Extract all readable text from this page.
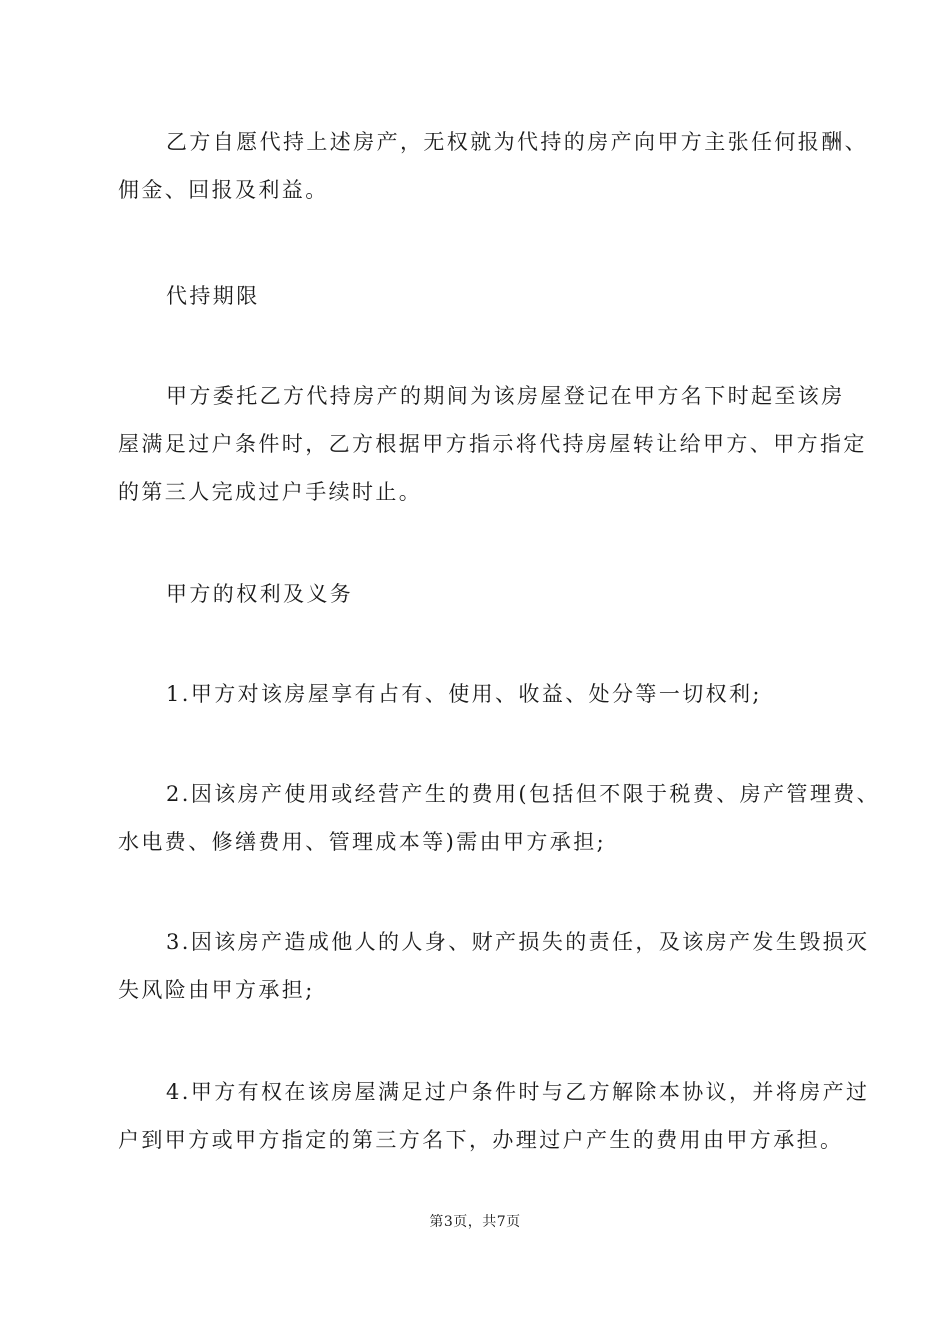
乙方自愿代持上述房产，无权就为代持的房产向甲方主张任何报酬、
佣金、回报及利益。
代持期限
甲方委托乙方代持房产的期间为该房屋登记在甲方名下时起至该房
屋满足过户条件时，乙方根据甲方指示将代持房屋转让给甲方、甲方指定
的第三人完成过户手续时止。
甲方的权利及义务
1.甲方对该房屋享有占有、使用、收益、处分等一切权利;
2.因该房产使用或经营产生的费用(包括但不限于税费、房产管理费、
水电费、修缮费用、管理成本等)需由甲方承担;
3.因该房产造成他人的人身、财产损失的责任，及该房产发生毁损灭
失风险由甲方承担;
4.甲方有权在该房屋满足过户条件时与乙方解除本协议，并将房产过
户到甲方或甲方指定的第三方名下，办理过户产生的费用由甲方承担。
第3页，共7页
